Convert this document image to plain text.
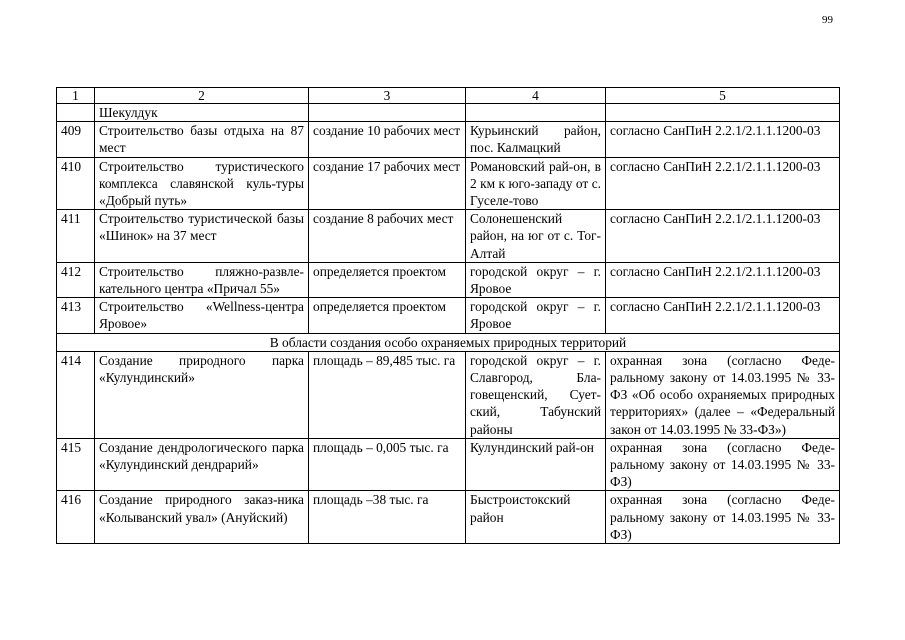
99
1	2	3	4	5
	Шекулдук			
409	Строительство базы отдыха на 87 мест	создание 10 рабочих мест	Курьинский район, пос. Калмацкий	согласно СанПиН 2.2.1/2.1.1.1200-03
410	Строительство туристического комплекса славянской куль-туры «Добрый путь»	создание 17 рабочих мест	Романовский рай-он, в 2 км к юго-западу от с. Гуселе-тово	согласно СанПиН 2.2.1/2.1.1.1200-03
411	Строительство туристической базы «Шинок» на 37 мест	создание 8 рабочих мест	Солонешенский район, на юг от с. Тог-Алтай	согласно СанПиН 2.2.1/2.1.1.1200-03
412	Строительство пляжно-развле-кательного центра «Причал 55»	определяется проектом	городской округ – г. Яровое	согласно СанПиН 2.2.1/2.1.1.1200-03
413	Строительство «Wellness-центра Яровое»	определяется проектом	городской округ – г. Яровое	согласно СанПиН 2.2.1/2.1.1.1200-03
В области создания особо охраняемых природных территорий				
414	Создание природного парка «Кулундинский»	площадь – 89,485 тыс. га	городской округ – г. Славгород, Бла-говещенский, Сует-ский, Табунский районы	охранная зона (согласно Феде-ральному закону от 14.03.1995 № 33-ФЗ «Об особо охраняемых природных территориях» (далее – «Федеральный закон от 14.03.1995 № 33-ФЗ»)
415	Создание дендрологического парка «Кулундинский дендрарий»	площадь – 0,005 тыс. га	Кулундинский рай-он	охранная зона (согласно Феде-ральному закону от 14.03.1995 № 33-ФЗ)
416	Создание природного заказ-ника «Колыванский увал» (Ануйский)	площадь –38 тыс. га	Быстроистокский район	охранная зона (согласно Феде-ральному закону от 14.03.1995 № 33-ФЗ)
